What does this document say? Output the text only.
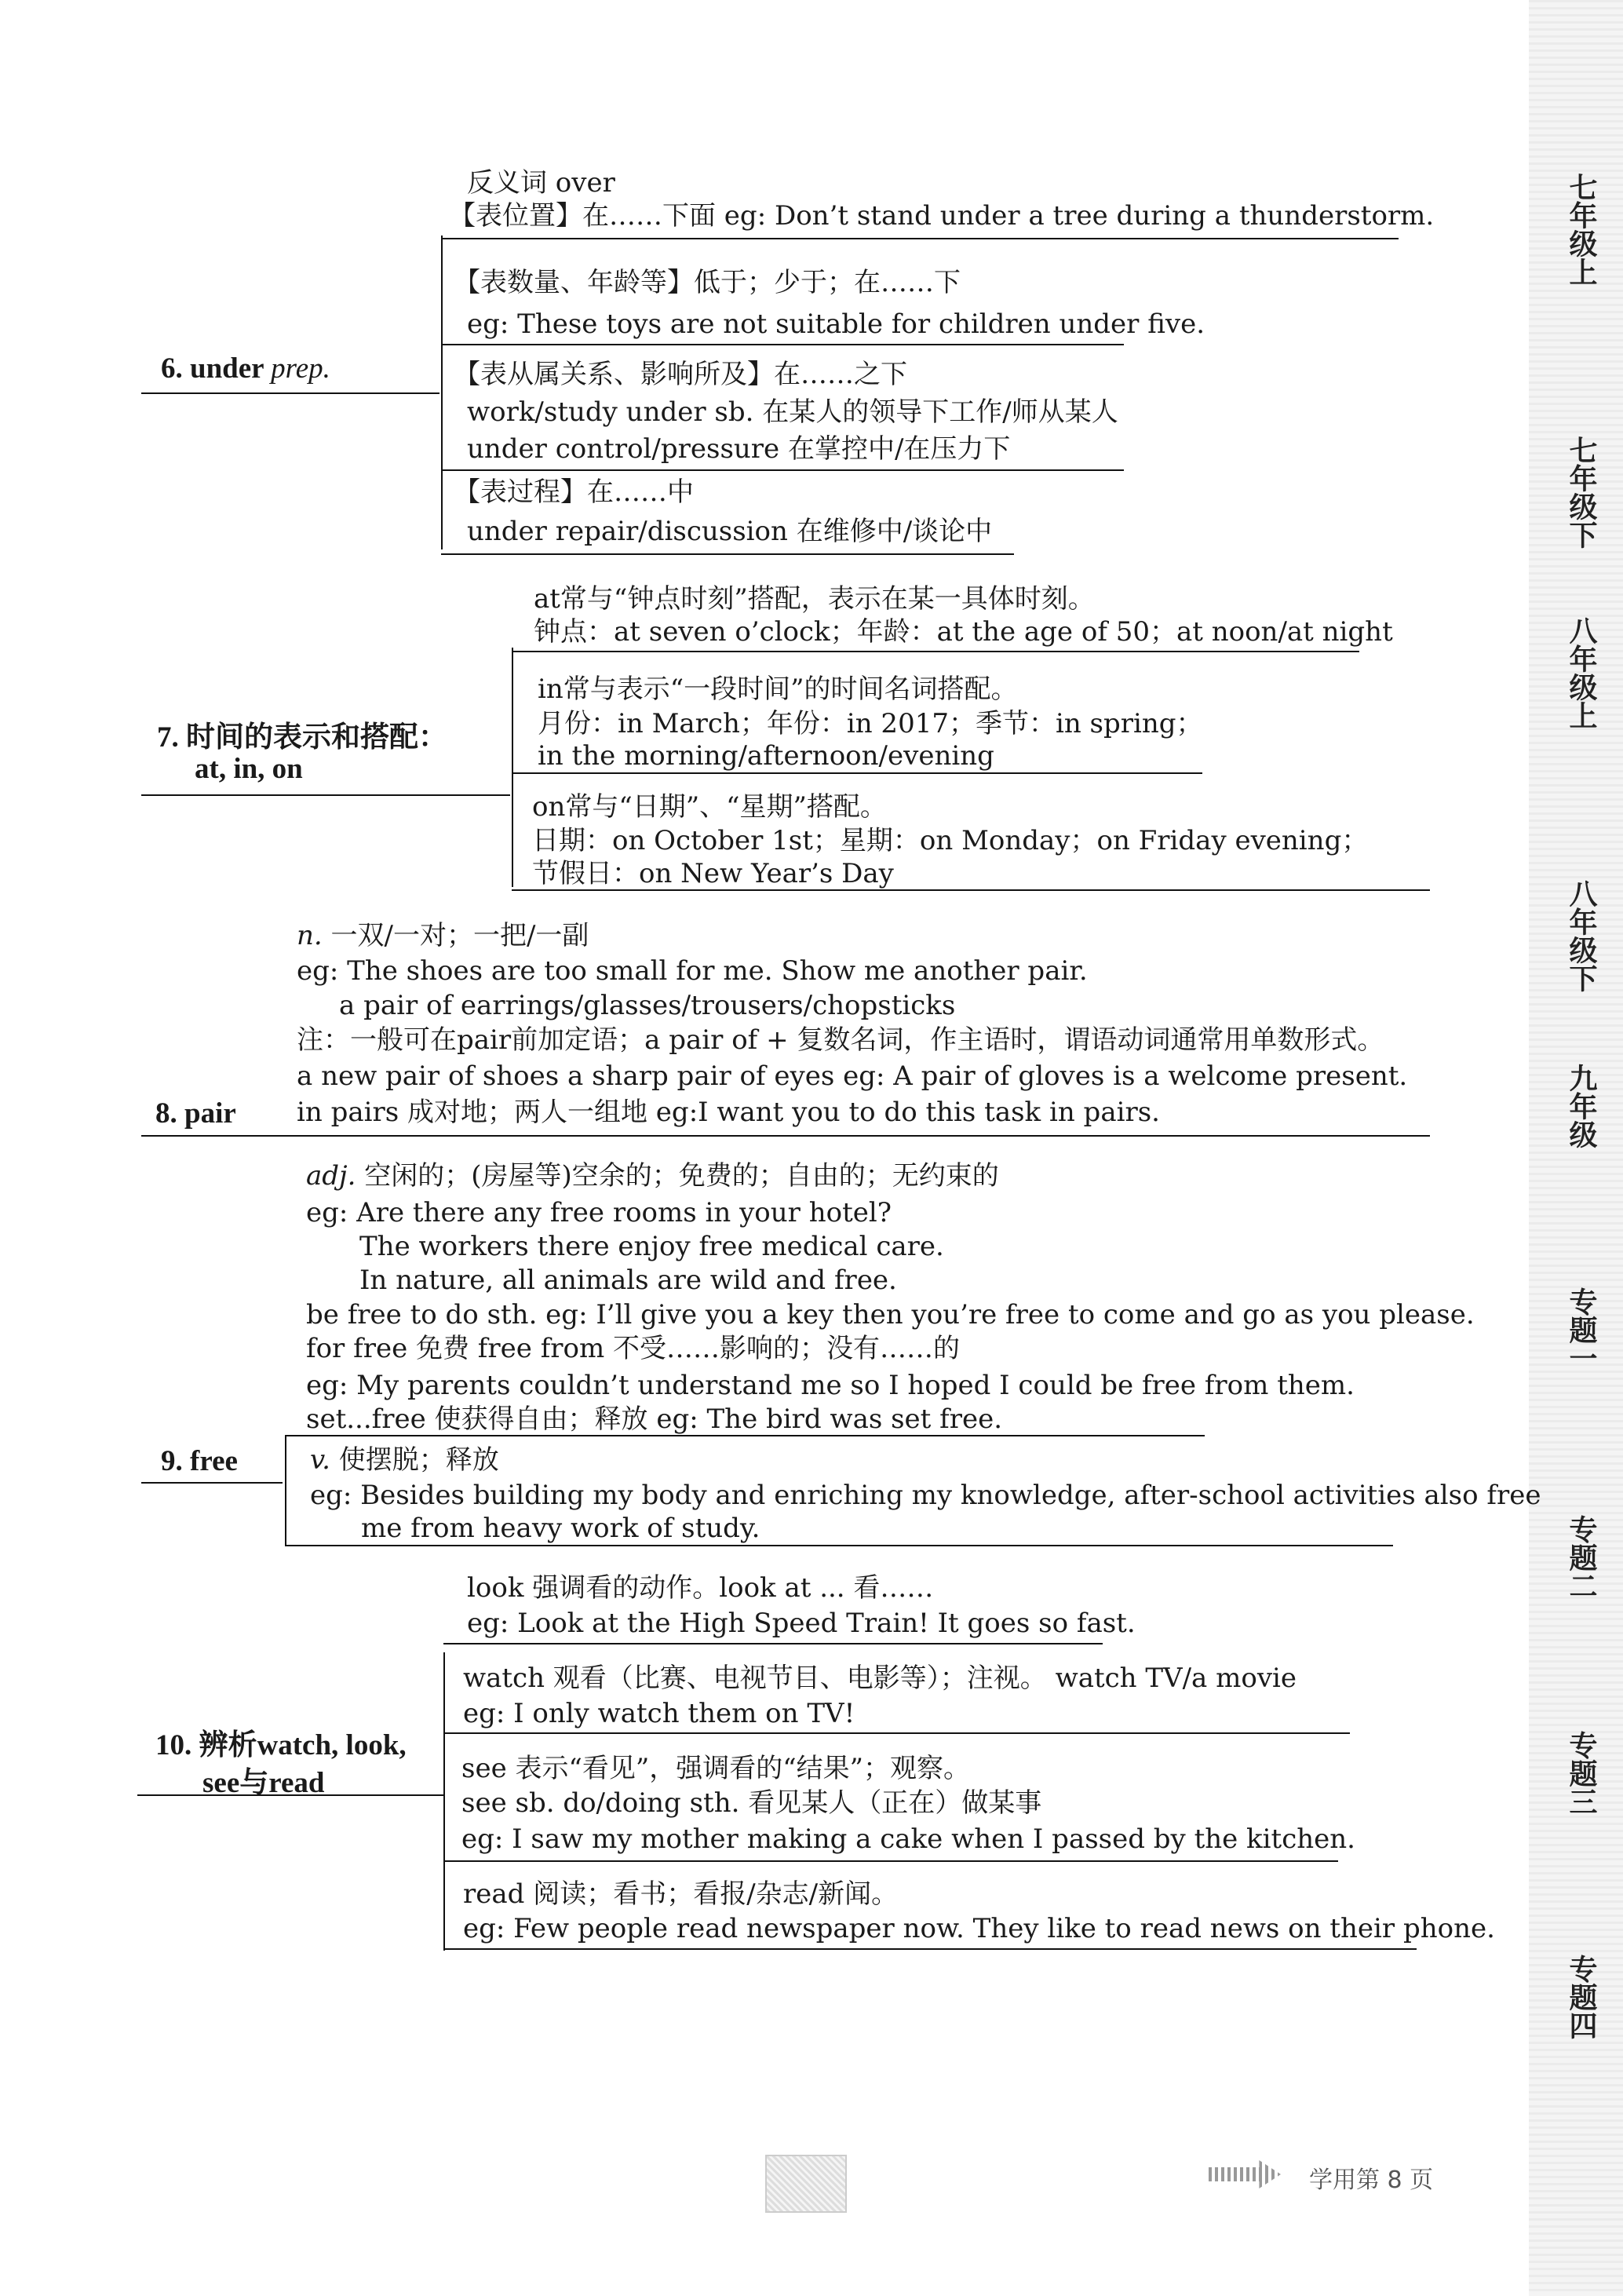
七年级上
七年级下
八年级上
八年级下
九年级
专题一
专题二
专题三
专题四
6. under prep.
反义词 over
【表位置】在……下面 eg: Don’t stand under a tree during a thunderstorm.
【表数量、年龄等】低于；少于；在……下
eg: These toys are not suitable for children under five.
【表从属关系、影响所及】在……之下
work/study under sb. 在某人的领导下工作/师从某人
under control/pressure 在掌控中/在压力下
【表过程】在……中
under repair/discussion 在维修中/谈论中
7. 时间的表示和搭配：
at, in, on
at常与“钟点时刻”搭配，表示在某一具体时刻。
钟点：at seven o’clock；年龄：at the age of 50；at noon/at night
in常与表示“一段时间”的时间名词搭配。
月份：in March；年份：in 2017；季节：in spring；
in the morning/afternoon/evening
on常与“日期”、“星期”搭配。
日期：on October 1st；星期：on Monday；on Friday evening；
节假日：on New Year’s Day
n. 一双/一对；一把/一副
eg: The shoes are too small for me. Show me another pair.
a pair of earrings/glasses/trousers/chopsticks
注：一般可在pair前加定语；a pair of + 复数名词，作主语时，谓语动词通常用单数形式。
a new pair of shoes a sharp pair of eyes eg: A pair of gloves is a welcome present.
8. pair in pairs 成对地；两人一组地 eg:I want you to do this task in pairs.
adj. 空闲的；(房屋等)空余的；免费的；自由的；无约束的
eg: Are there any free rooms in your hotel?
The workers there enjoy free medical care.
In nature, all animals are wild and free.
be free to do sth. eg: I’ll give you a key then you’re free to come and go as you please.
for free 免费 free from 不受……影响的；没有……的
eg: My parents couldn’t understand me so I hoped I could be free from them.
set...free 使获得自由；释放 eg: The bird was set free.
9. free	v. 使摆脱；释放
eg: Besides building my body and enriching my knowledge, after-school activities also free
me from heavy work of study.
10. 辨析watch, look,
see与read
look 强调看的动作。look at ... 看……
eg: Look at the High Speed Train! It goes so fast.
watch 观看（比赛、电视节目、电影等）；注视。 watch TV/a movie
eg: I only watch them on TV!
see 表示“看见”，强调看的“结果”；观察。
see sb. do/doing sth. 看见某人（正在）做某事
eg: I saw my mother making a cake when I passed by the kitchen.
read 阅读；看书；看报/杂志/新闻。
eg: Few people read newspaper now. They like to read news on their phone.

学用第 8 页
